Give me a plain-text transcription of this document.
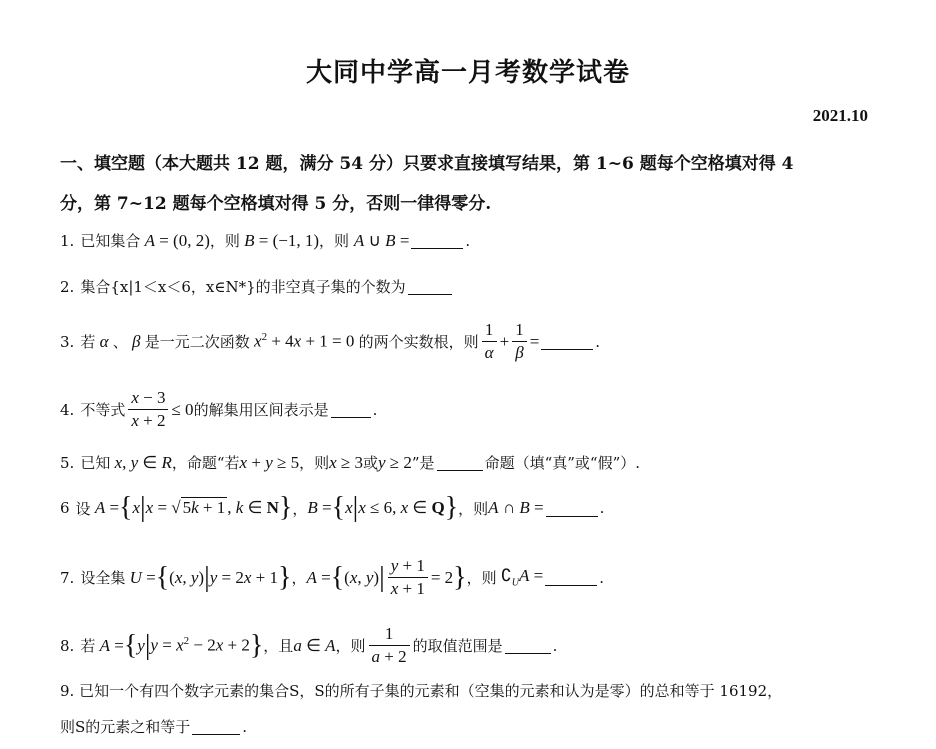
大同中学高一月考数学试卷
2021.10
一、填空题（本大题共 12 题，满分 54 分）只要求直接填写结果，第 1~6 题每个空格填对得 4
分，第 7~12 题每个空格填对得 5 分，否则一律得零分.
1. 已知集合 A = (0, 2) ，则 B = (−1, 1) ，则 A ∪ B =	.
2. 集合{x|1＜x＜6，x∈N*}的非空真子集的个数为
3. 若 α 、 β 是一元二次函数 $x^2 + 4x + 1 = 0$ 的两个实数根，则 $\frac{1}{\alpha} + \frac{1}{\beta}$ =	.
4. 不等式 $\frac{x - 3}{x + 2} \le 0$ 的解集用区间表示是	.
5. 已知 x, y ∈ R ，命题“若 x + y ≥ 5 ，则 x ≥ 3 或 y ≥ 2 ”是	命题（填“真”或“假”）.
6 设 A = { x | x = √ 5k + 1 , k ∈ N } ， B = { x | x ≤ 6, x ∈ Q } ，则 A ∩ B =	.
7. 设全集 U = { (x, y) | y = 2x + 1 } ， A = { (x, y) | $\frac{y + 1}{x + 1} = 2$ } ，则 $∁_UA$ =	.
8. 若 A = { y | $y = x^2 - 2x + 2$ } ，且 a ∈ A ，则 $\frac{1}{a + 2}$ 的取值范围是	.
9. 已知一个有四个数字元素的集合S，S的所有子集的元素和（空集的元素和认为是零）的总和等于 16192，
则S的元素之和等于	.
